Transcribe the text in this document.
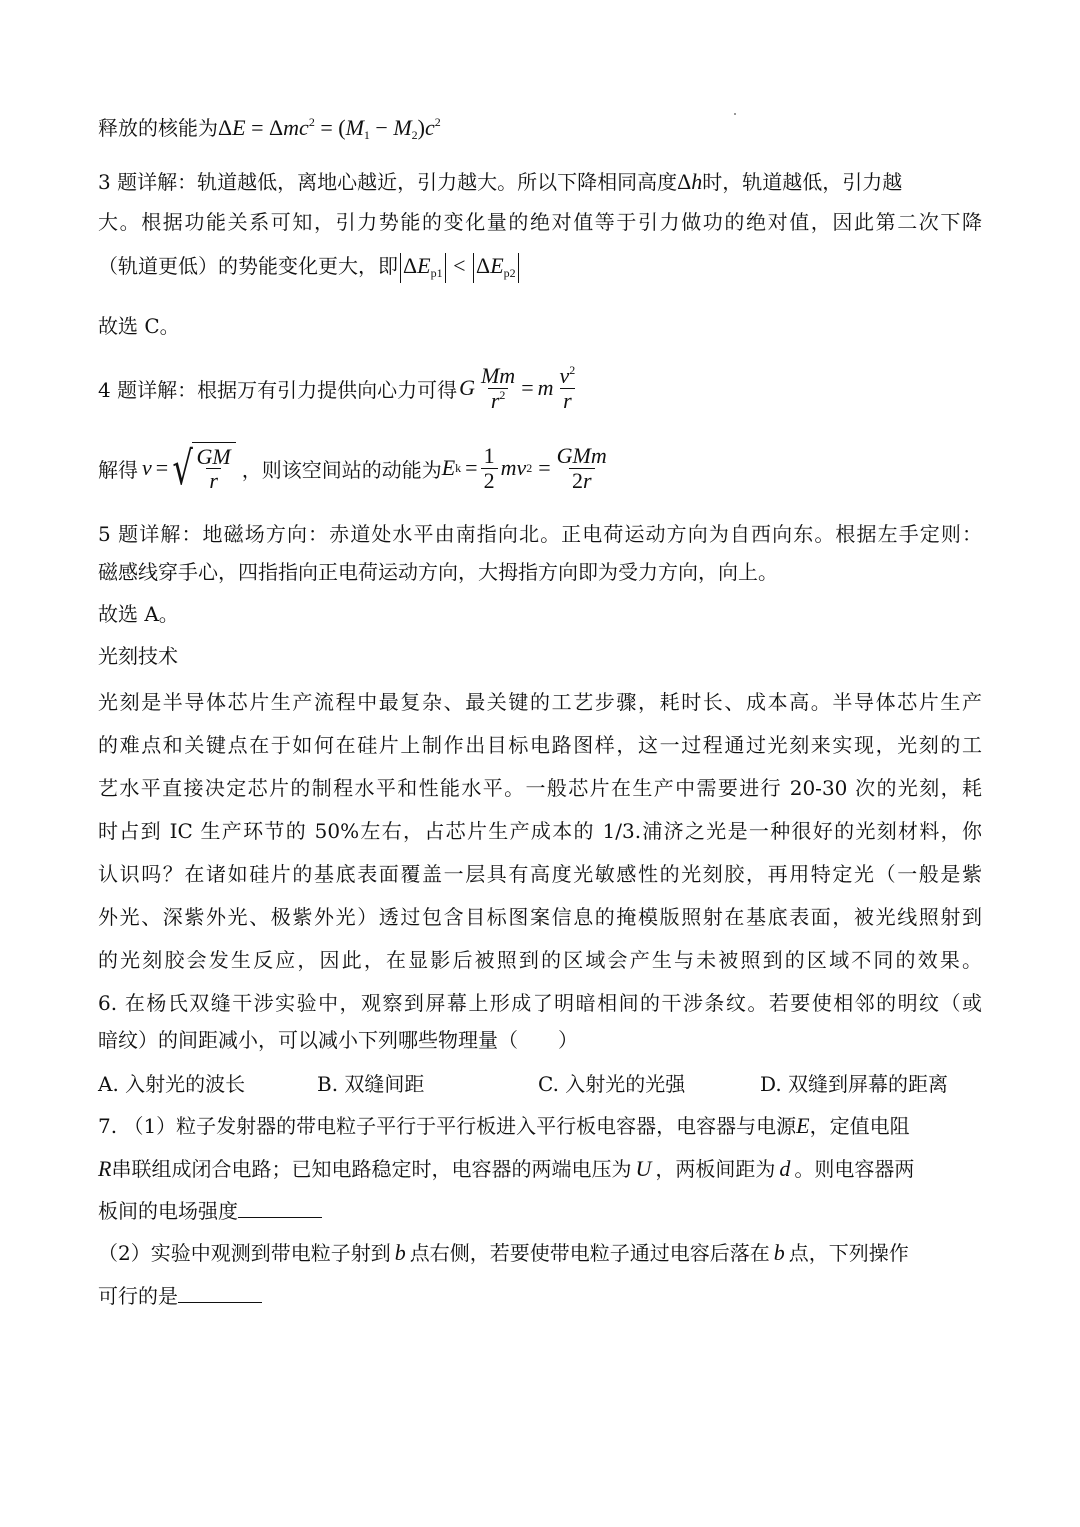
释放的核能为$\Delta E = \Delta mc^2 = (M_1 - M_2)c^2$
3 题详解：轨道越低，离地心越近，引力越大。所以下降相同高度Δh时，轨道越低，引力越
大。根据功能关系可知，引力势能的变化量的绝对值等于引力做功的绝对值，因此第二次下降
（轨道更低）的势能变化更大，即 $\Delta E_{p1} < \Delta E_{p2}$
故选 C。
4 题详解：根据万有引力提供向心力可得 G $\frac{Mm}{r^2} = m \frac{v^2}{r}$
解得 v = √ $\frac{GM}{r}$ ，则该空间站的动能为 E $k = \frac{1}{2}$ mv $2 = \frac{\text{GMm}}{2r}$
5 题详解：地磁场方向：赤道处水平由南指向北。正电荷运动方向为自西向东。根据左手定则：
磁感线穿手心，四指指向正电荷运动方向，大拇指方向即为受力方向，向上。
故选 A。
光刻技术
光刻是半导体芯片生产流程中最复杂、最关键的工艺步骤，耗时长、成本高。半导体芯片生产
的难点和关键点在于如何在硅片上制作出目标电路图样，这一过程通过光刻来实现，光刻的工
艺水平直接决定芯片的制程水平和性能水平。一般芯片在生产中需要进行 20-30 次的光刻，耗
时占到 IC 生产环节的 50%左右，占芯片生产成本的 1/3.浦济之光是一种很好的光刻材料，你
认识吗？在诸如硅片的基底表面覆盖一层具有高度光敏感性的光刻胶，再用特定光（一般是紫
外光、深紫外光、极紫外光）透过包含目标图案信息的掩模版照射在基底表面，被光线照射到
的光刻胶会发生反应，因此，在显影后被照到的区域会产生与未被照到的区域不同的效果。
6. 在杨氏双缝干涉实验中，观察到屏幕上形成了明暗相间的干涉条纹。若要使相邻的明纹（或
暗纹）的间距减小，可以减小下列哪些物理量（　　）
A. 入射光的波长	B. 双缝间距	C. 入射光的光强	D. 双缝到屏幕的距离
7. （1）粒子发射器的带电粒子平行于平行板进入平行板电容器，电容器与电源E，定值电阻
R串联组成闭合电路；已知电路稳定时，电容器的两端电压为 U ，两板间距为 d 。则电容器两
板间的电场强度
（2）实验中观测到带电粒子射到 b 点右侧，若要使带电粒子通过电容后落在 b 点，下列操作
可行的是
